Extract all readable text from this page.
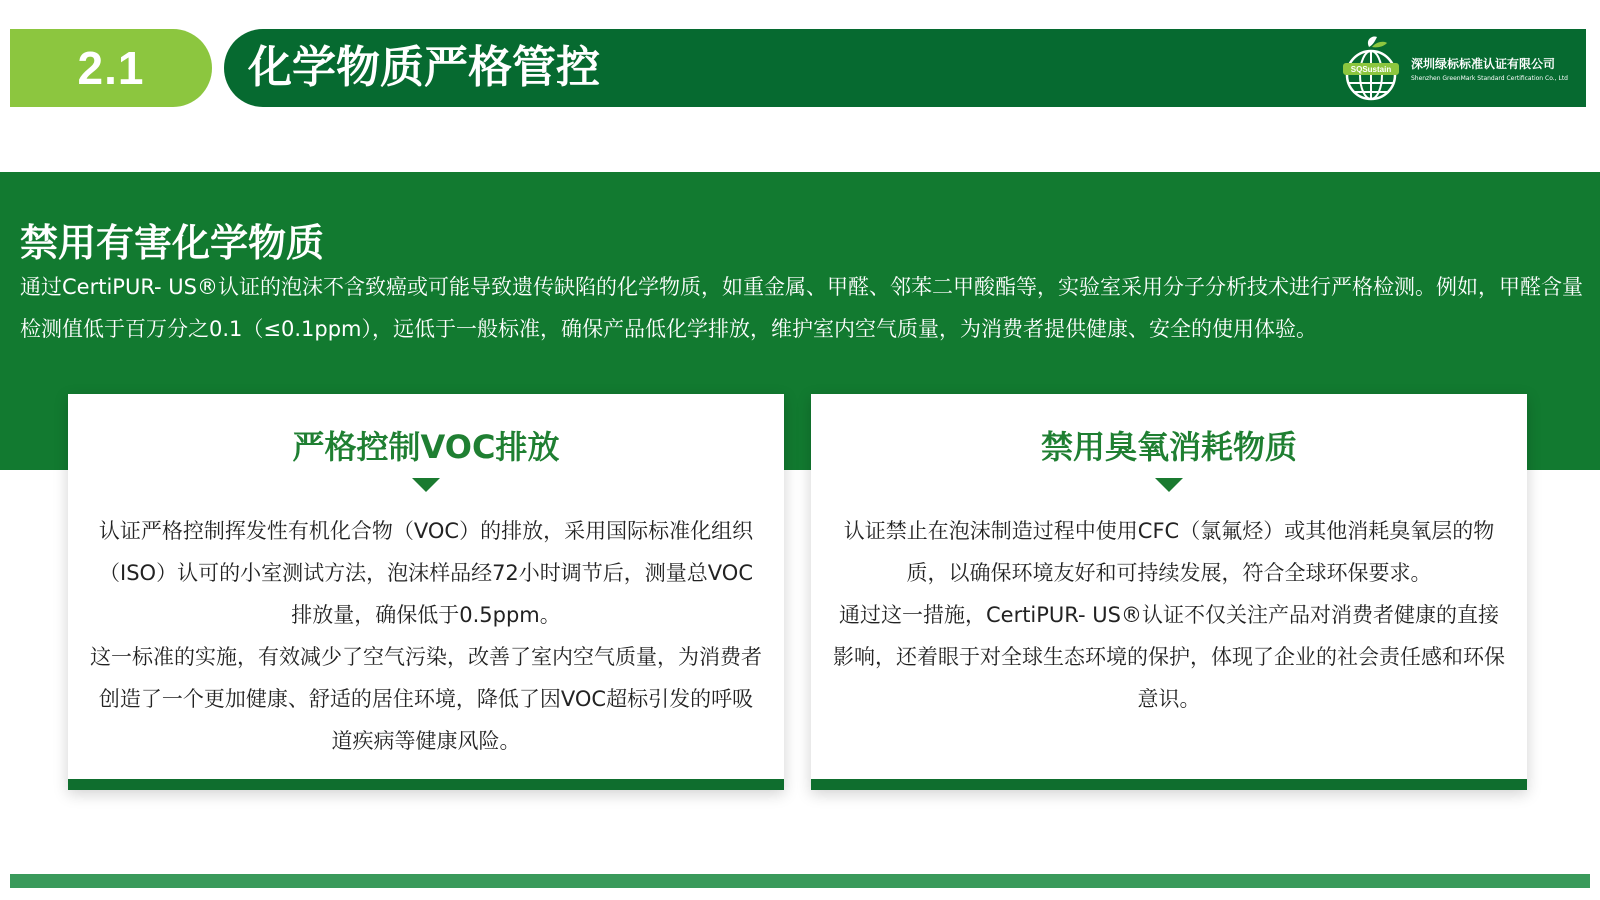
2.1 化学物质严格管控	SQSustain 深圳绿标标准认证有限公司
Shenzhen GreenMark Standard Certification Co., Ltd
禁用有害化学物质
通过CertiPUR- US®认证的泡沫不含致癌或可能导致遗传缺陷的化学物质，如重金属、甲醛、邻苯二甲酸酯等，实验室采用分子分析技术进行严格检测。例如，甲醛含量检测值低于百万分之0.1（≤0.1ppm），远低于一般标准，确保产品低化学排放，维护室内空气质量，为消费者提供健康、安全的使用体验。
严格控制VOC排放
认证严格控制挥发性有机化合物（VOC）的排放，采用国际标准化组织（ISO）认可的小室测试方法，泡沫样品经72小时调节后，测量总VOC排放量，确保低于0.5ppm。
这一标准的实施，有效减少了空气污染，改善了室内空气质量，为消费者创造了一个更加健康、舒适的居住环境，降低了因VOC超标引发的呼吸道疾病等健康风险。
禁用臭氧消耗物质
认证禁止在泡沫制造过程中使用CFC（氯氟烃）或其他消耗臭氧层的物质，以确保环境友好和可持续发展，符合全球环保要求。
通过这一措施，CertiPUR- US®认证不仅关注产品对消费者健康的直接影响，还着眼于对全球生态环境的保护，体现了企业的社会责任感和环保意识。
